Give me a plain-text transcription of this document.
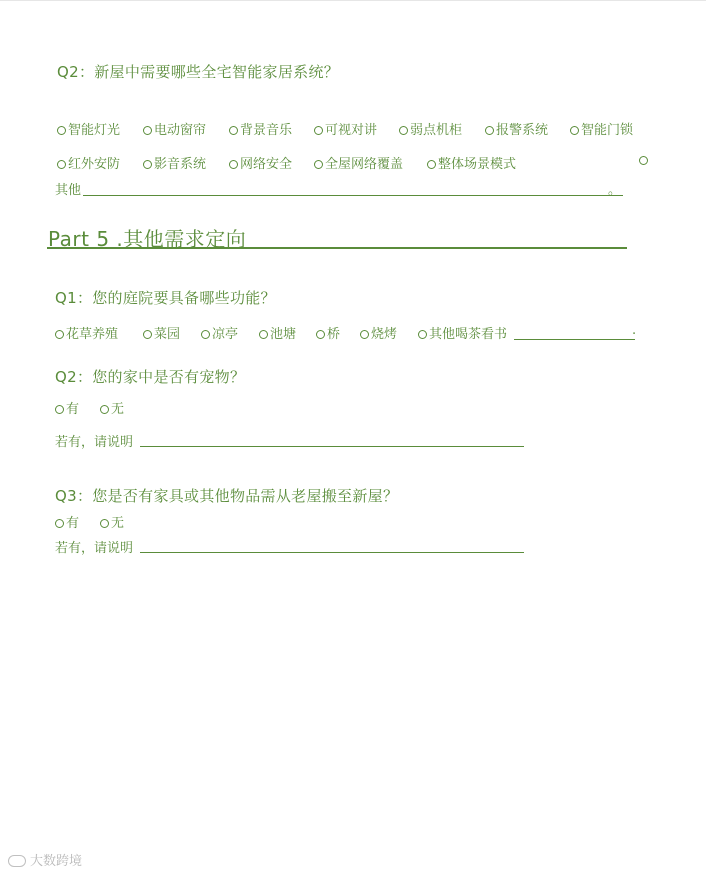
Q2：新屋中需要哪些全宅智能家居系统？
智能灯光	电动窗帘	背景音乐	可视对讲	弱点机柜	报警系统	智能门锁
红外安防	影音系统	网络安全	全屋网络覆盖	整体场景模式
其他	。
Part 5 .其他需求定向
Q1：您的庭院要具备哪些功能？
花草养殖	菜园	凉亭	池塘	桥	烧烤	其他喝茶看书	.
Q2：您的家中是否有宠物？
有	无
若有，请说明
Q3：您是否有家具或其他物品需从老屋搬至新屋？
有	无
若有，请说明
大数跨境
